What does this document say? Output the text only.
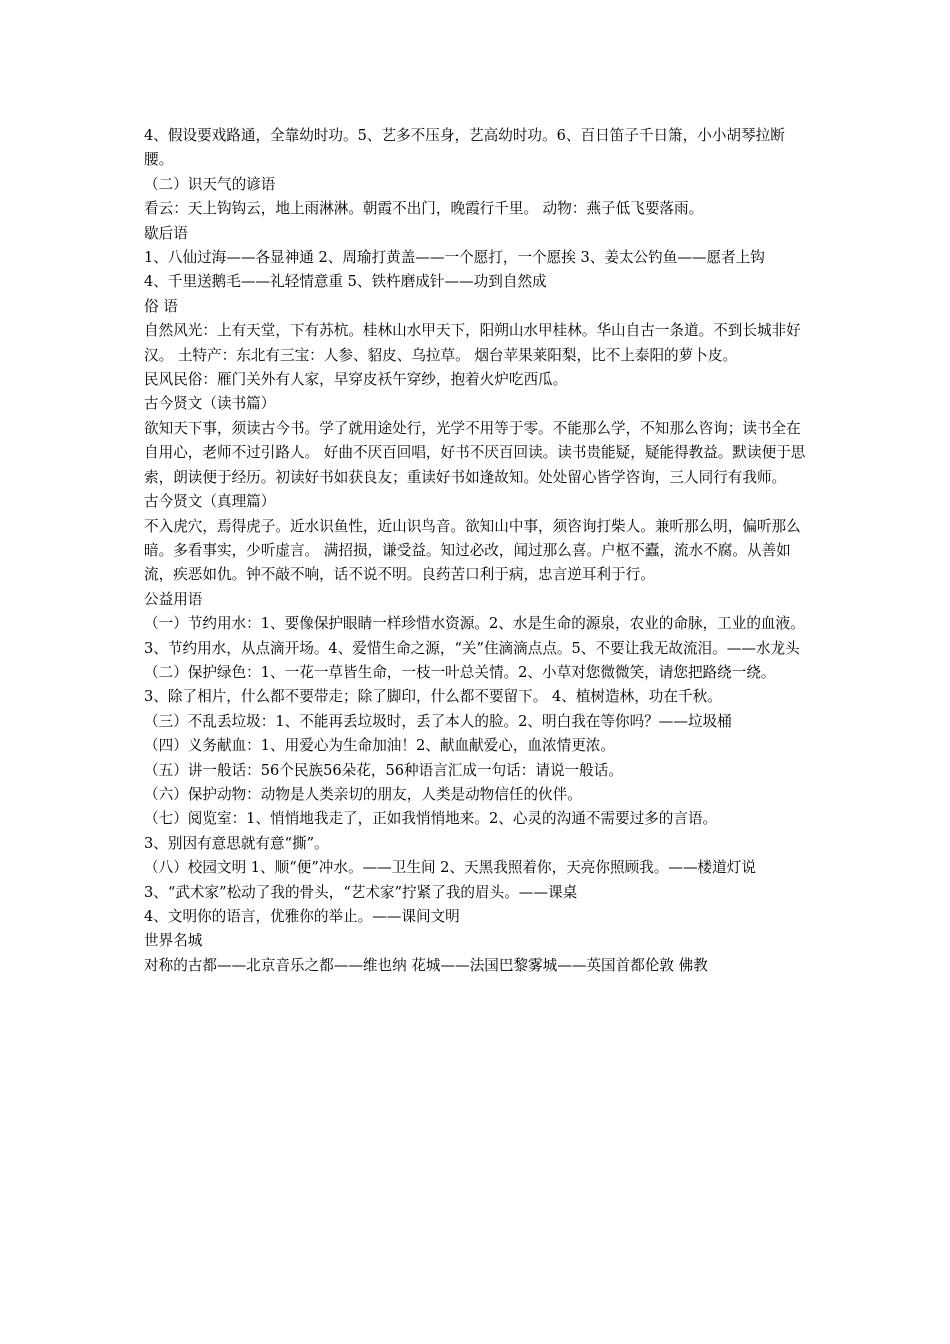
4、假设要戏路通，全靠幼时功。5、艺多不压身，艺高幼时功。6、百日笛子千日箫，小小胡琴拉断腰。

（二）识天气的谚语

看云：天上钩钩云，地上雨淋淋。朝霞不出门，晚霞行千里。 动物：燕子低飞要落雨。

歇后语

1、八仙过海——各显神通 2、周瑜打黄盖——一个愿打，一个愿挨 3、姜太公钓鱼——愿者上钩

4、千里送鹅毛——礼轻情意重 5、铁杵磨成针——功到自然成

俗 语

自然风光：上有天堂，下有苏杭。桂林山水甲天下，阳朔山水甲桂林。华山自古一条道。不到长城非好汉。 土特产：东北有三宝：人参、貂皮、乌拉草。 烟台苹果莱阳梨，比不上泰阳的萝卜皮。

民风民俗：雁门关外有人家，早穿皮袄午穿纱，抱着火炉吃西瓜。

古今贤文（读书篇）

欲知天下事，须读古今书。学了就用途处行，光学不用等于零。不能那么学，不知那么咨询；读书全在自用心，老师不过引路人。 好曲不厌百回唱，好书不厌百回读。读书贵能疑，疑能得教益。默读便于思索，朗读便于经历。初读好书如获良友；重读好书如逢故知。处处留心皆学咨询，三人同行有我师。

古今贤文（真理篇）

不入虎穴，焉得虎子。近水识鱼性，近山识鸟音。欲知山中事，须咨询打柴人。兼听那么明，偏听那么暗。多看事实，少听虚言。 满招损，谦受益。知过必改，闻过那么喜。户枢不蠹，流水不腐。从善如流，疾恶如仇。钟不敲不响，话不说不明。良药苦口利于病，忠言逆耳利于行。

公益用语

（一）节约用水：1、要像保护眼睛一样珍惜水资源。2、水是生命的源泉，农业的命脉，工业的血液。

3、节约用水，从点滴开场。4、爱惜生命之源，“关”住滴滴点点。5、不要让我无故流泪。——水龙头

（二）保护绿色：1、一花一草皆生命，一枝一叶总关情。2、小草对您微微笑，请您把路绕一绕。

3、除了相片，什么都不要带走；除了脚印，什么都不要留下。 4、植树造林，功在千秋。

（三）不乱丢垃圾：1、不能再丢垃圾时，丢了本人的脸。2、明白我在等你吗？——垃圾桶

（四）义务献血：1、用爱心为生命加油！2、献血献爱心，血浓情更浓。

（五）讲一般话：56个民族56朵花，56种语言汇成一句话：请说一般话。

（六）保护动物：动物是人类亲切的朋友，人类是动物信任的伙伴。

（七）阅览室：1、悄悄地我走了，正如我悄悄地来。2、心灵的沟通不需要过多的言语。

3、别因有意思就有意“撕”。

（八）校园文明 1、顺“便”冲水。——卫生间 2、天黑我照着你，天亮你照顾我。——楼道灯说

3、“武术家”松动了我的骨头，“艺术家”拧紧了我的眉头。——课桌

4、文明你的语言，优雅你的举止。——课间文明

世界名城

对称的古都——北京音乐之都——维也纳 花城——法国巴黎雾城——英国首都伦敦 佛教
